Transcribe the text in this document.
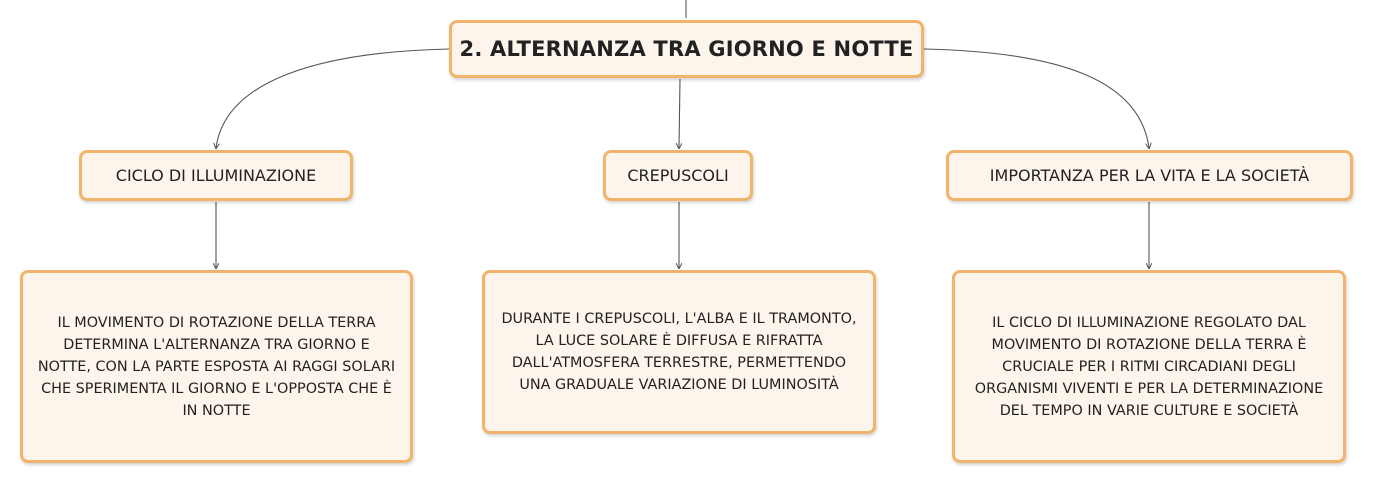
2. ALTERNANZA TRA GIORNO E NOTTE
CICLO DI ILLUMINAZIONE	CREPUSCOLI	IMPORTANZA PER LA VITA E LA SOCIETÀ
IL MOVIMENTO DI ROTAZIONE DELLA TERRA DETERMINA L'ALTERNANZA TRA GIORNO E NOTTE, CON LA PARTE ESPOSTA AI RAGGI SOLARI CHE SPERIMENTA IL GIORNO E L'OPPOSTA CHE È IN NOTTE
DURANTE I CREPUSCOLI, L'ALBA E IL TRAMONTO, LA LUCE SOLARE È DIFFUSA E RIFRATTA DALL'ATMOSFERA TERRESTRE, PERMETTENDO UNA GRADUALE VARIAZIONE DI LUMINOSITÀ
IL CICLO DI ILLUMINAZIONE REGOLATO DAL MOVIMENTO DI ROTAZIONE DELLA TERRA È CRUCIALE PER I RITMI CIRCADIANI DEGLI ORGANISMI VIVENTI E PER LA DETERMINAZIONE DEL TEMPO IN VARIE CULTURE E SOCIETÀ
